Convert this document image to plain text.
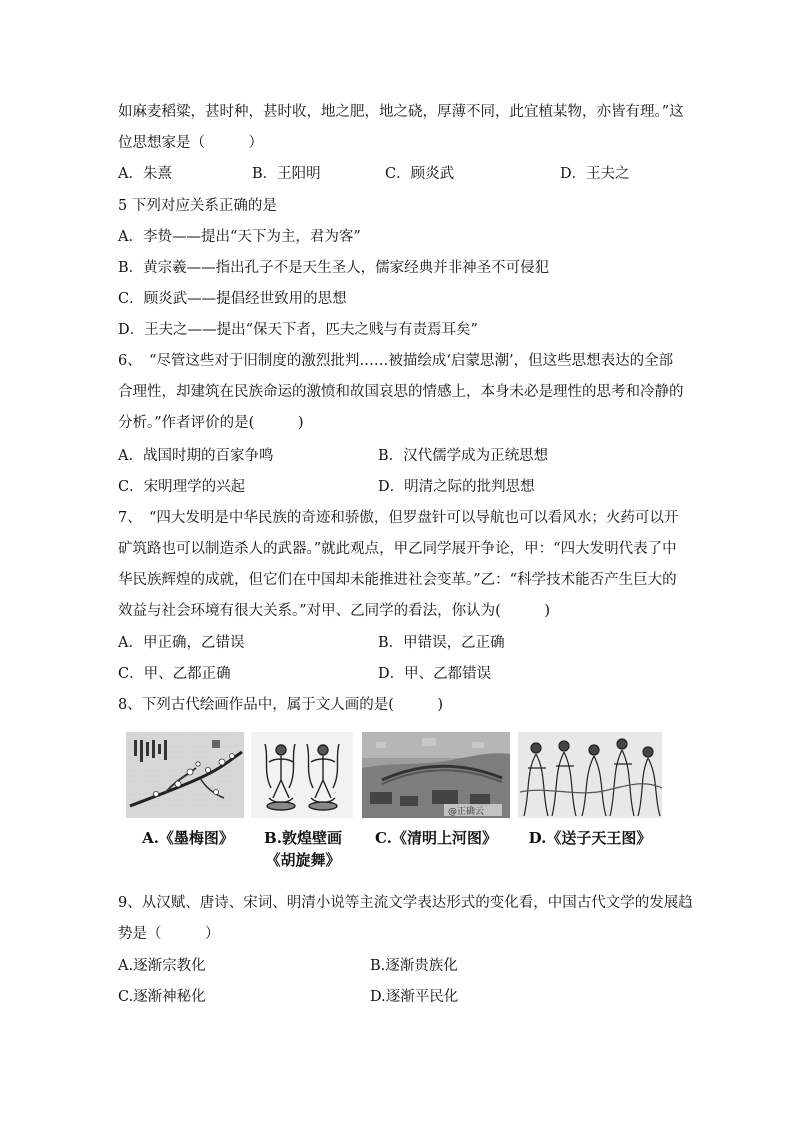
如麻麦稻粱，甚时种，甚时收，地之肥，地之硗，厚薄不同，此宜植某物，亦皆有理。”这
位思想家是（　　　）
A．朱熹	B．王阳明	C．顾炎武	D．王夫之
5 下列对应关系正确的是
A．李贽——提出“天下为主，君为客”
B．黄宗羲——指出孔子不是天生圣人，儒家经典并非神圣不可侵犯
C．顾炎武——提倡经世致用的思想
D．王夫之——提出“保天下者，匹夫之贱与有责焉耳矣”
6、　“尽管这些对于旧制度的激烈批判……被描绘成‘启蒙思潮’，但这些思想表达的全部
合理性，却建筑在民族命运的激愤和故国哀思的情感上，本身未必是理性的思考和冷静的
分析。”作者评价的是(　　　)
A．战国时期的百家争鸣	B．汉代儒学成为正统思想
C．宋明理学的兴起	D．明清之际的批判思想
7、　“四大发明是中华民族的奇迹和骄傲，但罗盘针可以导航也可以看风水；火药可以开
矿筑路也可以制造杀人的武器。”就此观点，甲乙同学展开争论，甲：“四大发明代表了中
华民族辉煌的成就，但它们在中国却未能推进社会变革。”乙：“科学技术能否产生巨大的
效益与社会环境有很大关系。”对甲、乙同学的看法，你认为(　　　)
A．甲正确，乙错误	B．甲错误，乙正确
C．甲、乙都正确	D．甲、乙都错误
8、下列古代绘画作品中，属于文人画的是(　　　)
@正确云
A.《墨梅图》	B.敦煌壁画
《胡旋舞》
C.《清明上河图》	D.《送子天王图》
9、从汉赋、唐诗、宋词、明清小说等主流文学表达形式的变化看，中国古代文学的发展趋
势是（　　　）
A.逐渐宗教化	B.逐渐贵族化
C.逐渐神秘化	D.逐渐平民化
